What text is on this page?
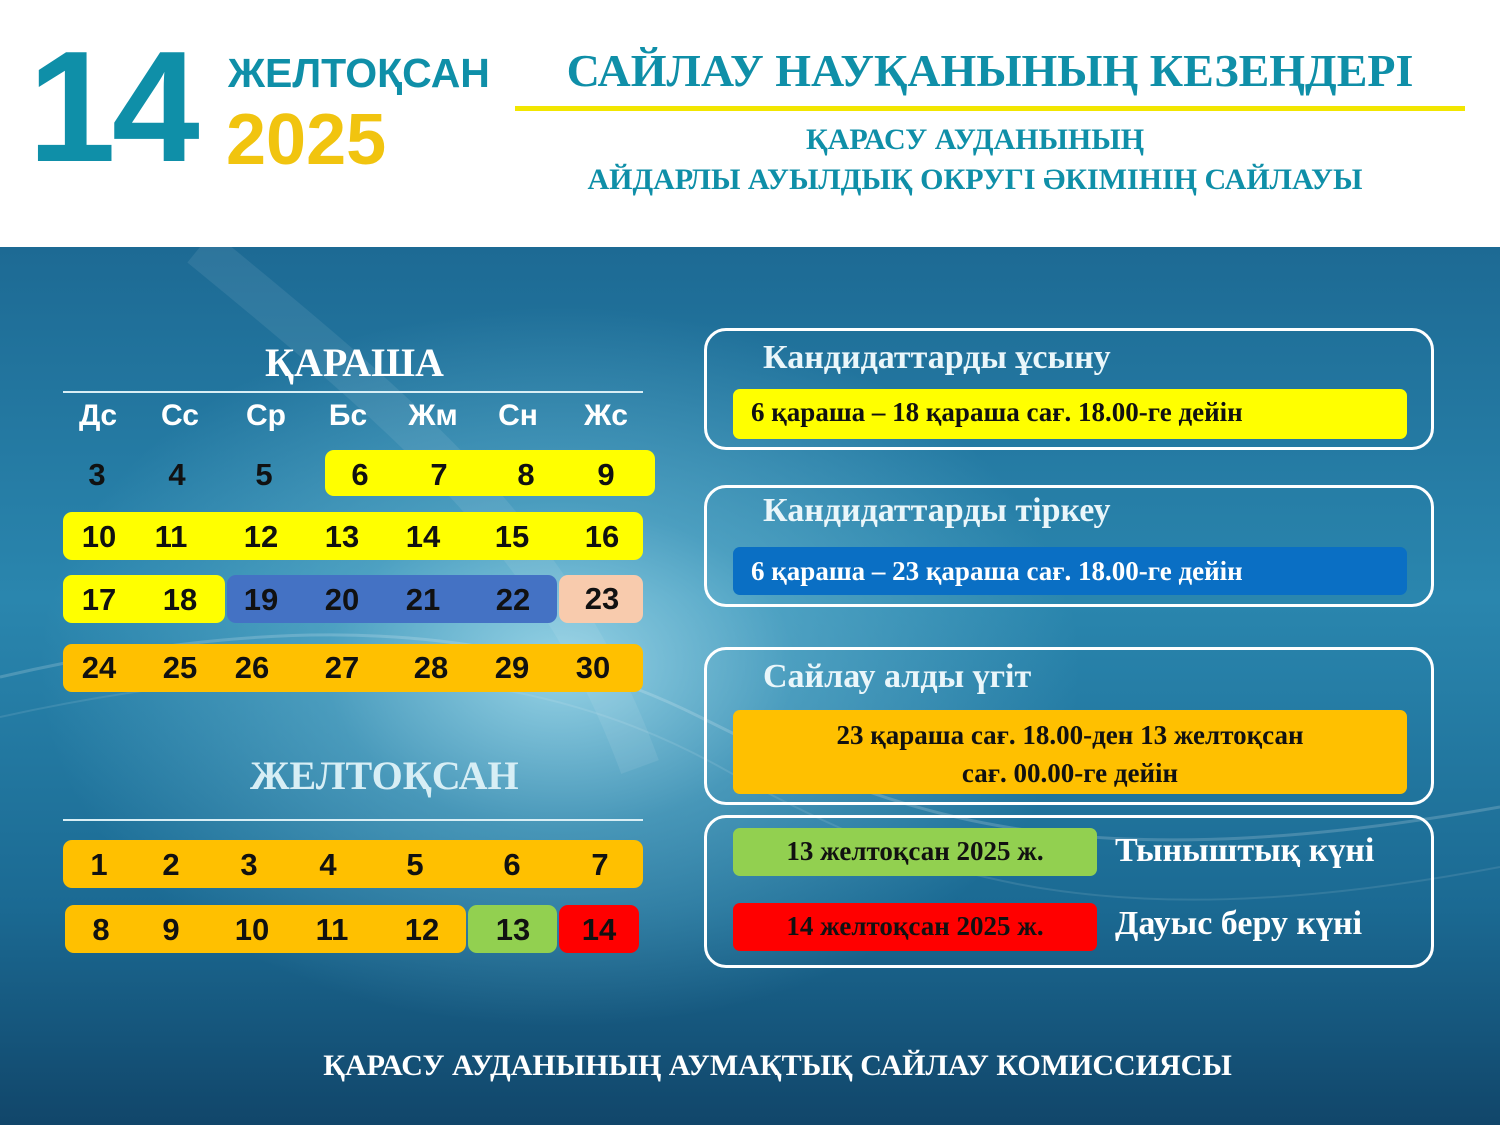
14 ЖЕЛТОҚСАН
2025
САЙЛАУ НАУҚАНЫНЫҢ КЕЗЕҢДЕРІ
ҚАРАСУ АУДАНЫНЫҢ
АЙДАРЛЫ АУЫЛДЫҚ ОКРУГІ ӘКІМІНІҢ САЙЛАУЫ
ҚАРАША
Дс	Сс	Ср	Бс	Жм	Сн	Жс
3	4	5	6	7	8	9
10	11	12	13	14	15	16
17	18	19	20	21	22	23
24	25	26	27	28	29	30
ЖЕЛТОҚСАН
1	2	3	4	5	6	7
8	9	10	11	12	13	14
Кандидаттарды ұсыну
6 қараша – 18 қараша сағ. 18.00-ге дейін
Кандидаттарды тіркеу
6 қараша – 23 қараша сағ. 18.00-ге дейін
Сайлау алды үгіт
23 қараша сағ. 18.00-ден 13 желтоқсан
сағ. 00.00-ге дейін
13 желтоқсан 2025 ж.	Тыныштық күні
14 желтоқсан 2025 ж.	Дауыс беру күні
ҚАРАСУ АУДАНЫНЫҢ АУМАҚТЫҚ САЙЛАУ КОМИССИЯСЫ
